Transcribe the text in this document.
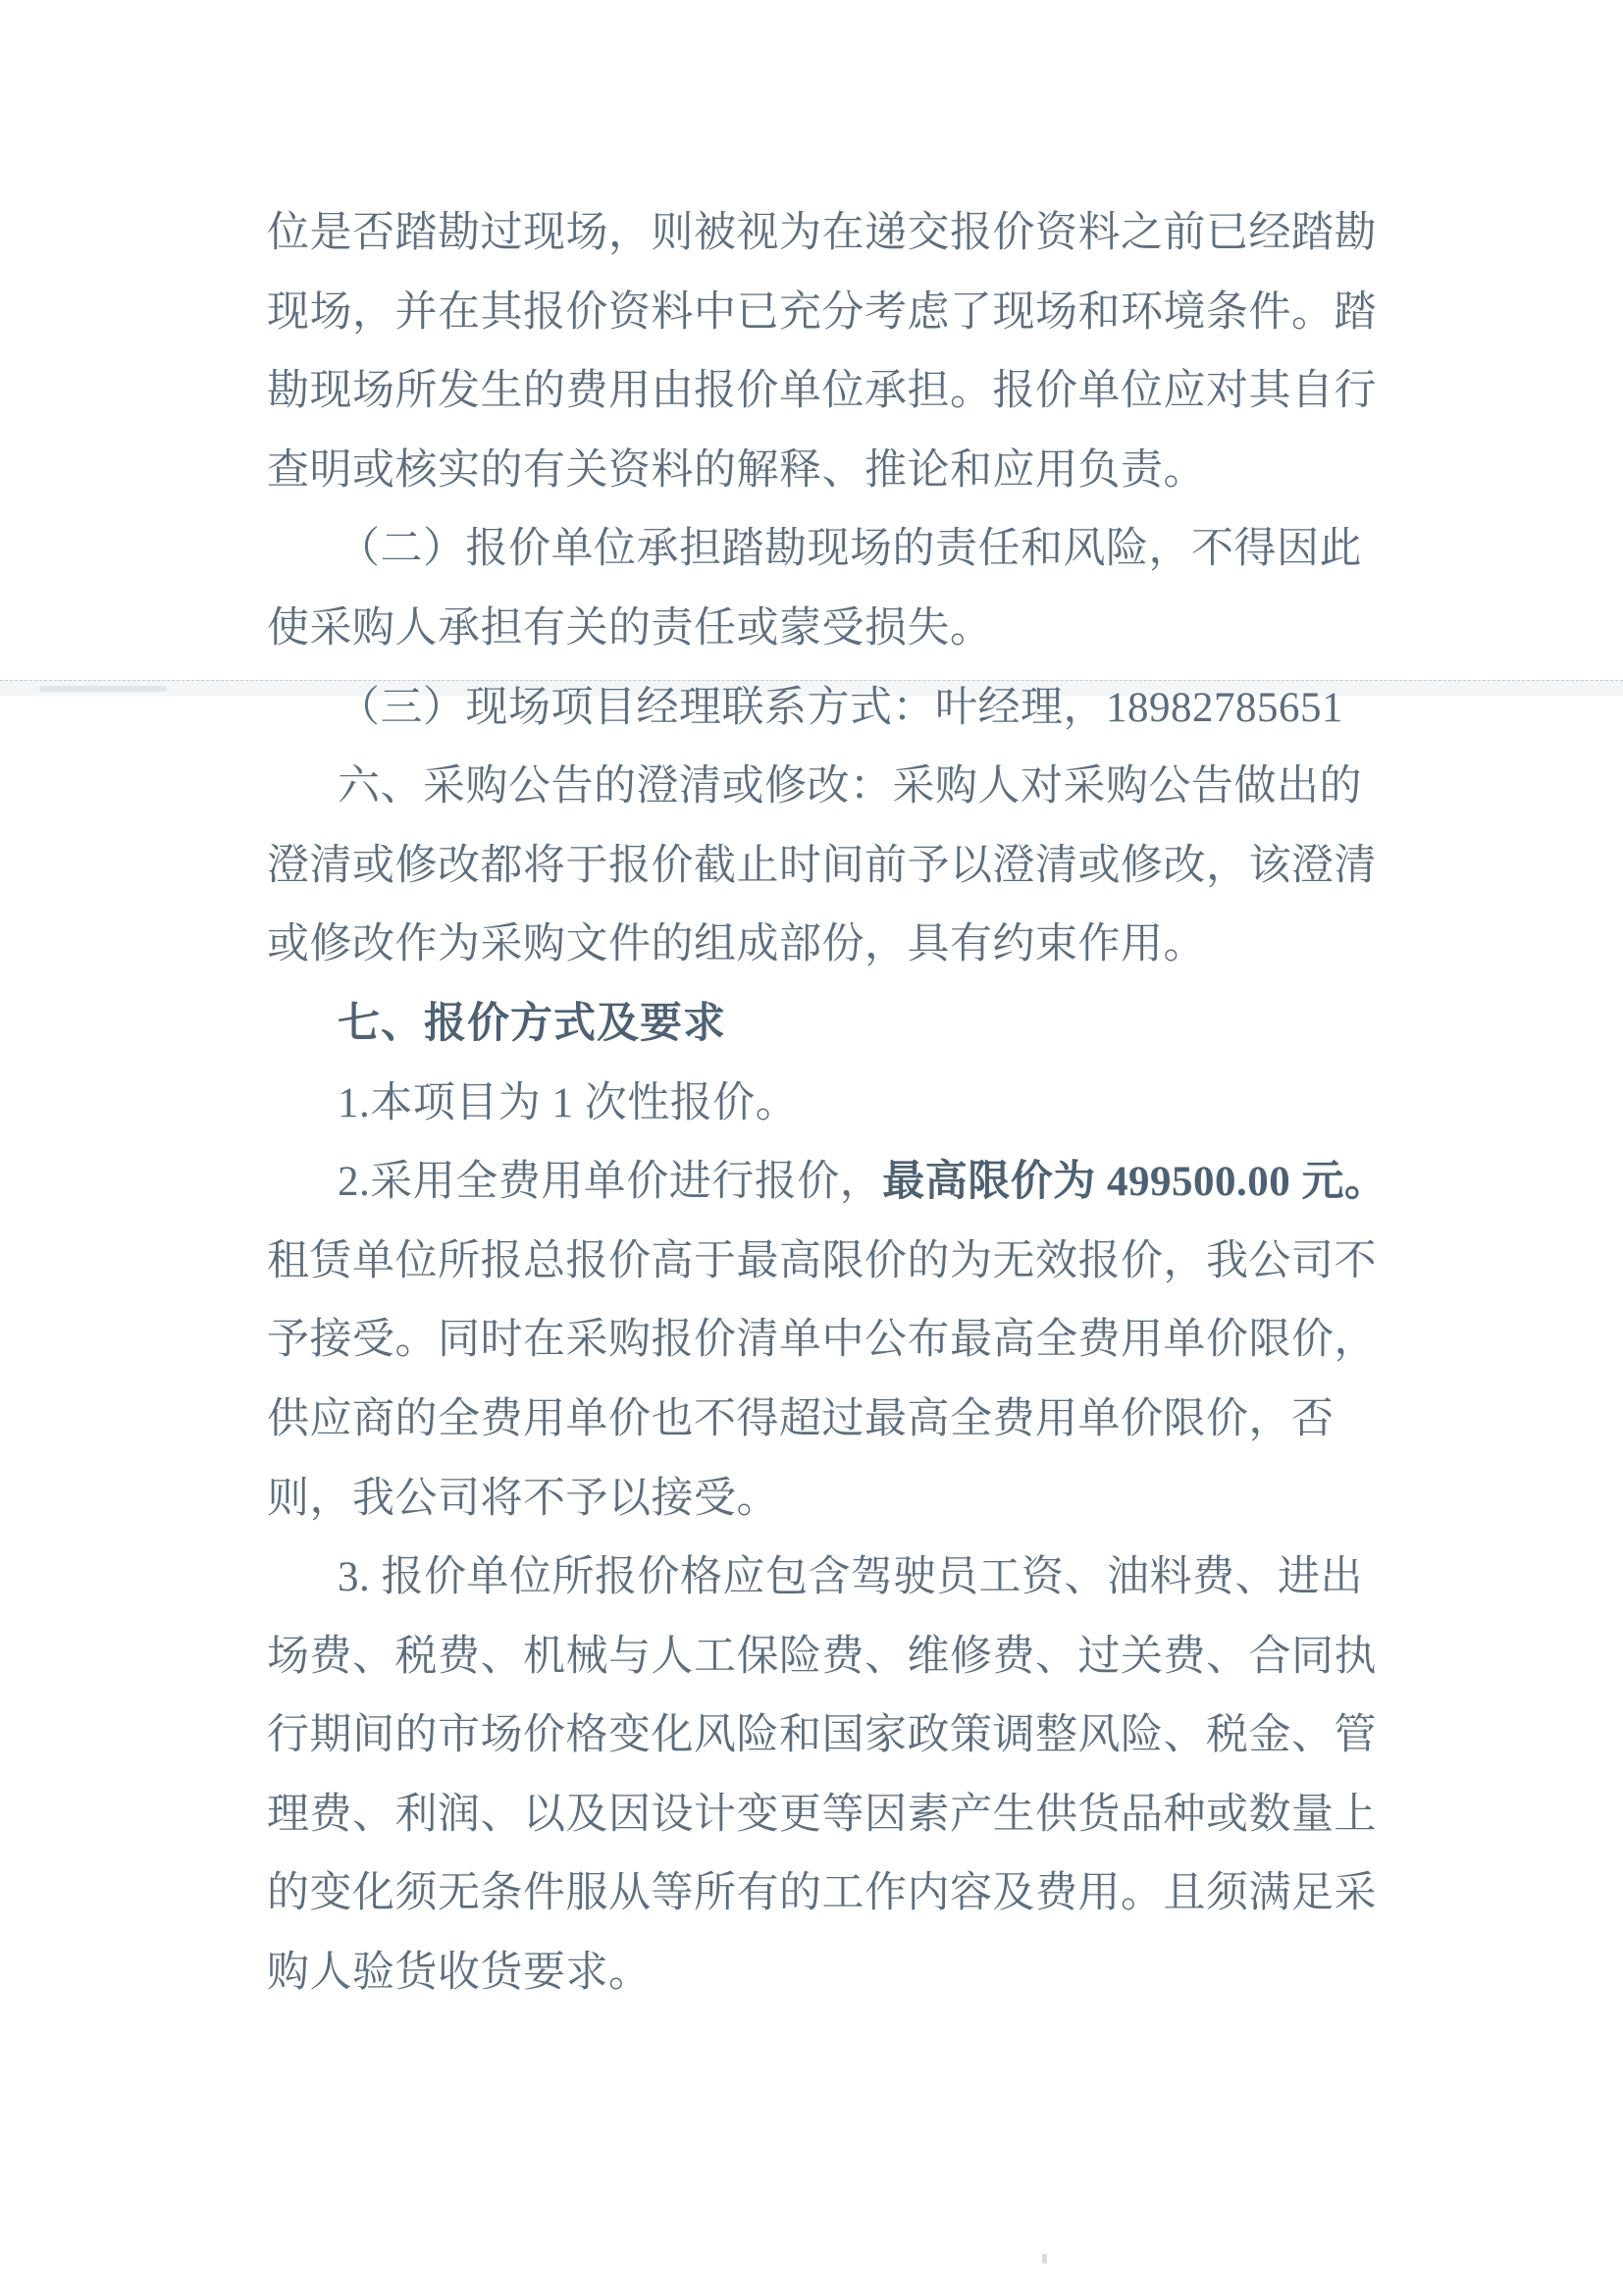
位是否踏勘过现场，则被视为在递交报价资料之前已经踏勘
现场，并在其报价资料中已充分考虑了现场和环境条件。踏
勘现场所发生的费用由报价单位承担。报价单位应对其自行
查明或核实的有关资料的解释、推论和应用负责。
（二）报价单位承担踏勘现场的责任和风险，不得因此
使采购人承担有关的责任或蒙受损失。
（三）现场项目经理联系方式：叶经理，18982785651
六、采购公告的澄清或修改：采购人对采购公告做出的
澄清或修改都将于报价截止时间前予以澄清或修改，该澄清
或修改作为采购文件的组成部份，具有约束作用。
七、报价方式及要求
1.本项目为 1 次性报价。
2.采用全费用单价进行报价，最高限价为 499500.00 元。
租赁单位所报总报价高于最高限价的为无效报价，我公司不
予接受。同时在采购报价清单中公布最高全费用单价限价，
供应商的全费用单价也不得超过最高全费用单价限价，否
则，我公司将不予以接受。
3. 报价单位所报价格应包含驾驶员工资、油料费、进出
场费、税费、机械与人工保险费、维修费、过关费、合同执
行期间的市场价格变化风险和国家政策调整风险、税金、管
理费、利润、以及因设计变更等因素产生供货品种或数量上
的变化须无条件服从等所有的工作内容及费用。且须满足采
购人验货收货要求。
